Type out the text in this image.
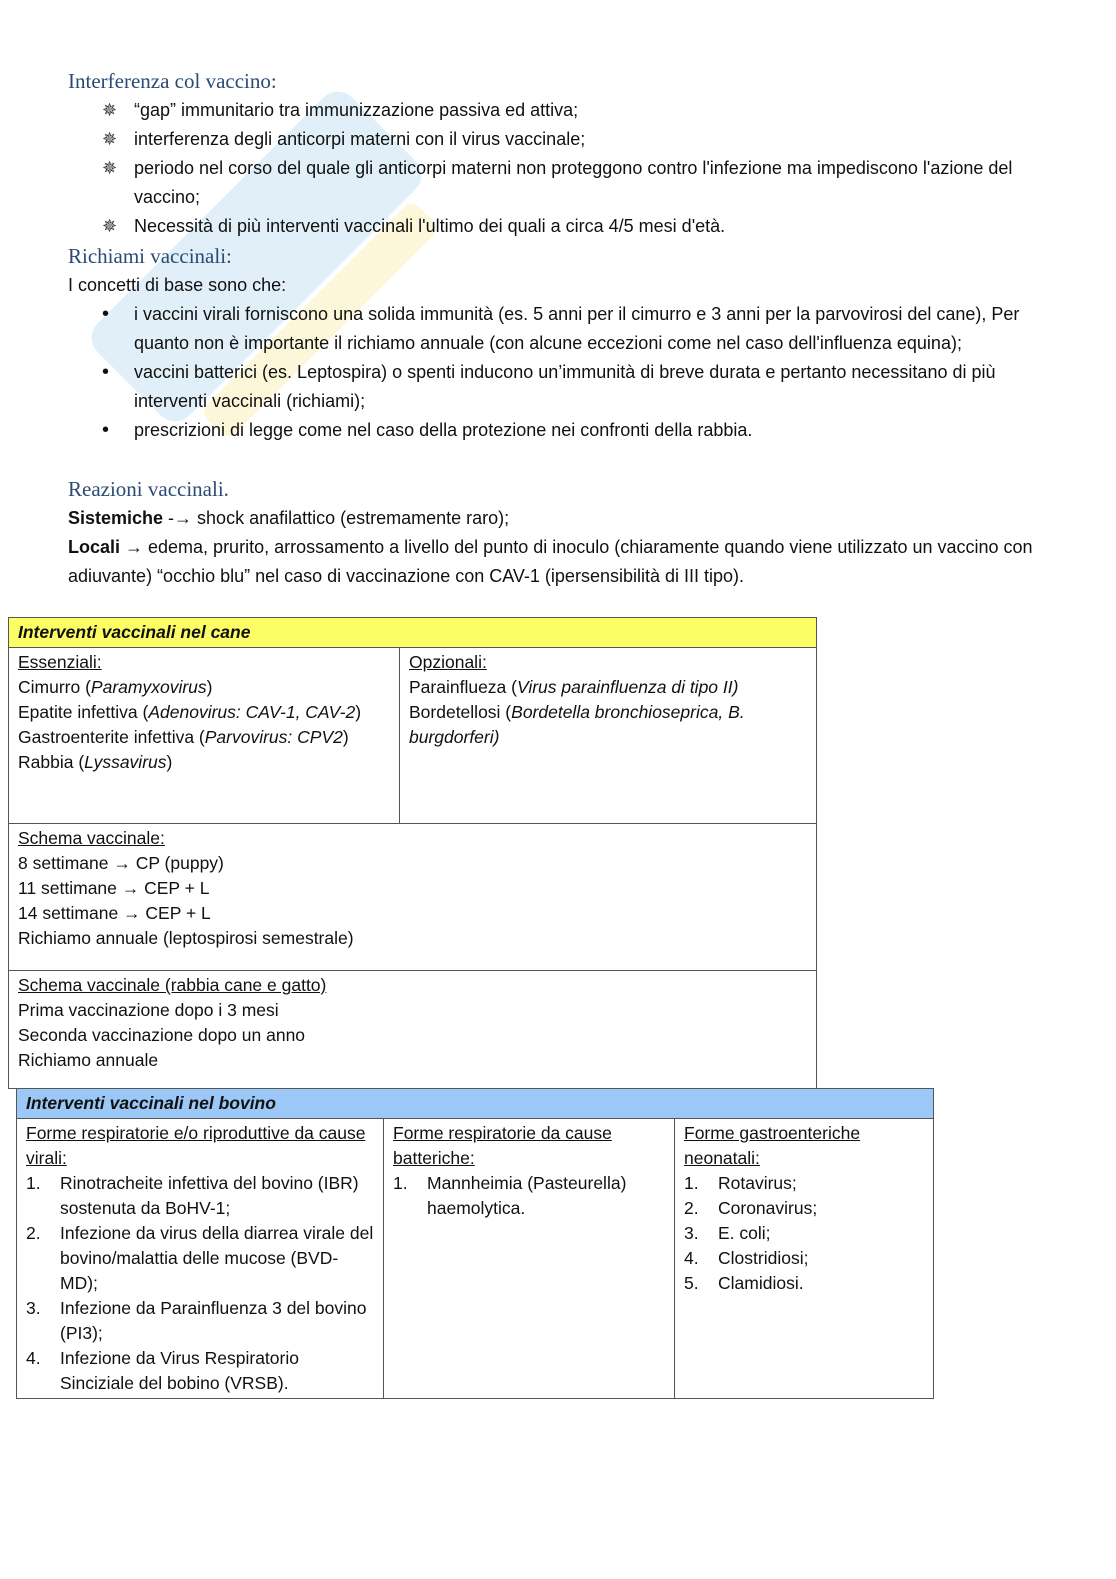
Interferenza col vaccino:
✵ “gap” immunitario tra immunizzazione passiva ed attiva;
✵ interferenza degli anticorpi materni con il virus vaccinale;
✵ periodo nel corso del quale gli anticorpi materni non proteggono contro l'infezione ma impediscono l'azione del vaccino;
✵ Necessità di più interventi vaccinali l'ultimo dei quali a circa 4/5 mesi d'età.
Richiami vaccinali:

I concetti di base sono che:

• i vaccini virali forniscono una solida immunità (es. 5 anni per il cimurro e 3 anni per la parvovirosi del cane), Per quanto non è importante il richiamo annuale (con alcune eccezioni come nel caso dell'influenza equina);
• vaccini batterici (es. Leptospira) o spenti inducono un’immunità di breve durata e pertanto necessitano di più interventi vaccinali (richiami);
• prescrizioni di legge come nel caso della protezione nei confronti della rabbia.
Reazioni vaccinali.

Sistemiche -→ shock anafilattico (estremamente raro);

Locali → edema, prurito, arrossamento a livello del punto di inoculo (chiaramente quando viene utilizzato un vaccino con adiuvante) “occhio blu” nel caso di vaccinazione con CAV-1 (ipersensibilità di III tipo).

Interventi vaccinali nel cane

Essenziali:
Cimurro (Paramyxovirus)
Epatite infettiva (Adenovirus: CAV-1, CAV-2)
Gastroenterite infettiva (Parvovirus: CPV2)
Rabbia (Lyssavirus)

Opzionali:
Parainflueza (Virus parainfluenza di tipo II)
Bordetellosi (Bordetella bronchioseprica, B. burgdorferi)

Schema vaccinale:
8 settimane → CP (puppy)
11 settimane → CEP + L
14 settimane → CEP + L
Richiamo annuale (leptospirosi semestrale)

Schema vaccinale (rabbia cane e gatto)
Prima vaccinazione dopo i 3 mesi
Seconda vaccinazione dopo un anno
Richiamo annuale
Interventi vaccinali nel bovino

Forme respiratorie e/o riproduttive da cause virali:
1. Rinotracheite infettiva del bovino (IBR) sostenuta da BoHV-1;
2. Infezione da virus della diarrea virale del bovino/malattia delle mucose (BVD-MD);
3. Infezione da Parainfluenza 3 del bovino (PI3);
4. Infezione da Virus Respiratorio Sinciziale del bobino (VRSB).

Forme respiratorie da cause batteriche:
1. Mannheimia (Pasteurella) haemolytica.

Forme gastroenteriche neonatali:
1. Rotavirus;
2. Coronavirus;
3. E. coli;
4. Clostridiosi;
5. Clamidiosi.
